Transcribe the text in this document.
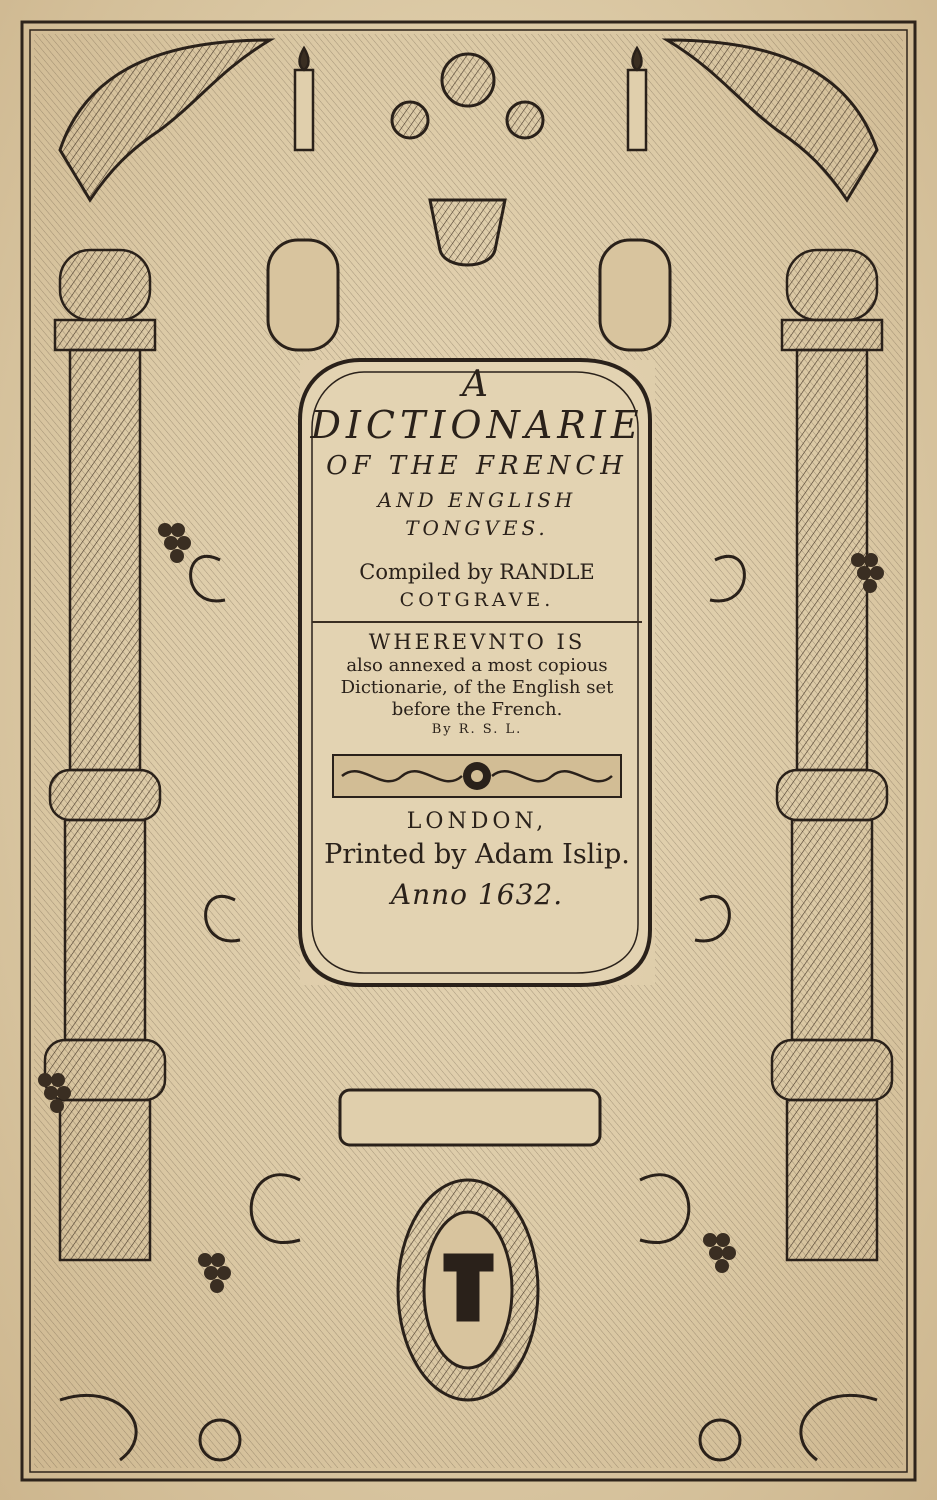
A
DICTIONARIE
OF THE FRENCH
AND ENGLISH
TONGVES.
Compiled by RANDLE
COTGRAVE.
WHEREVNTO IS
also annexed a most copious
Dictionarie, of the English set
before the French.
By R. S. L.
LONDON,
Printed by Adam Islip.
Anno 1632.
